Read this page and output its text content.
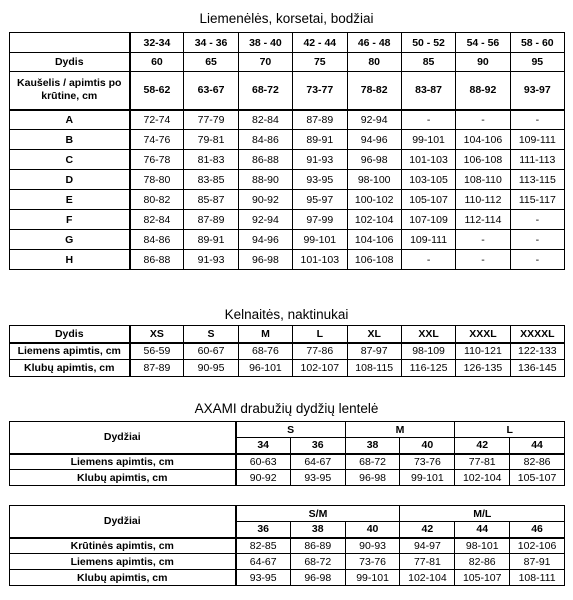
Liemenėlės, korsetai, bodžiai
	32-34	34 - 36	38 - 40	42 - 44	46 - 48	50 - 52	54 - 56	58 - 60
Dydis	60	65	70	75	80	85	90	95
Kaušelis / apimtis po krūtine, cm	58-62	63-67	68-72	73-77	78-82	83-87	88-92	93-97
A	72-74	77-79	82-84	87-89	92-94	-	-	-
B	74-76	79-81	84-86	89-91	94-96	99-101	104-106	109-111
C	76-78	81-83	86-88	91-93	96-98	101-103	106-108	111-113
D	78-80	83-85	88-90	93-95	98-100	103-105	108-110	113-115
E	80-82	85-87	90-92	95-97	100-102	105-107	110-112	115-117
F	82-84	87-89	92-94	97-99	102-104	107-109	112-114	-
G	84-86	89-91	94-96	99-101	104-106	109-111	-	-
H	86-88	91-93	96-98	101-103	106-108	-	-	-
Kelnaitės, naktinukai
Dydis	XS	S	M	L	XL	XXL	XXXL	XXXXL
Liemens apimtis, cm	56-59	60-67	68-76	77-86	87-97	98-109	110-121	122-133
Klubų apimtis, cm	87-89	90-95	96-101	102-107	108-115	116-125	126-135	136-145
AXAMI drabužių dydžių lentelė
Dydžiai	S		M		L	
	34	36	38	40	42	44
Liemens apimtis, cm	60-63	64-67	68-72	73-76	77-81	82-86
Klubų apimtis, cm	90-92	93-95	96-98	99-101	102-104	105-107
Dydžiai	S/M			M/L		
	36	38	40	42	44	46
Krūtinės apimtis, cm	82-85	86-89	90-93	94-97	98-101	102-106
Liemens apimtis, cm	64-67	68-72	73-76	77-81	82-86	87-91
Klubų apimtis, cm	93-95	96-98	99-101	102-104	105-107	108-111
